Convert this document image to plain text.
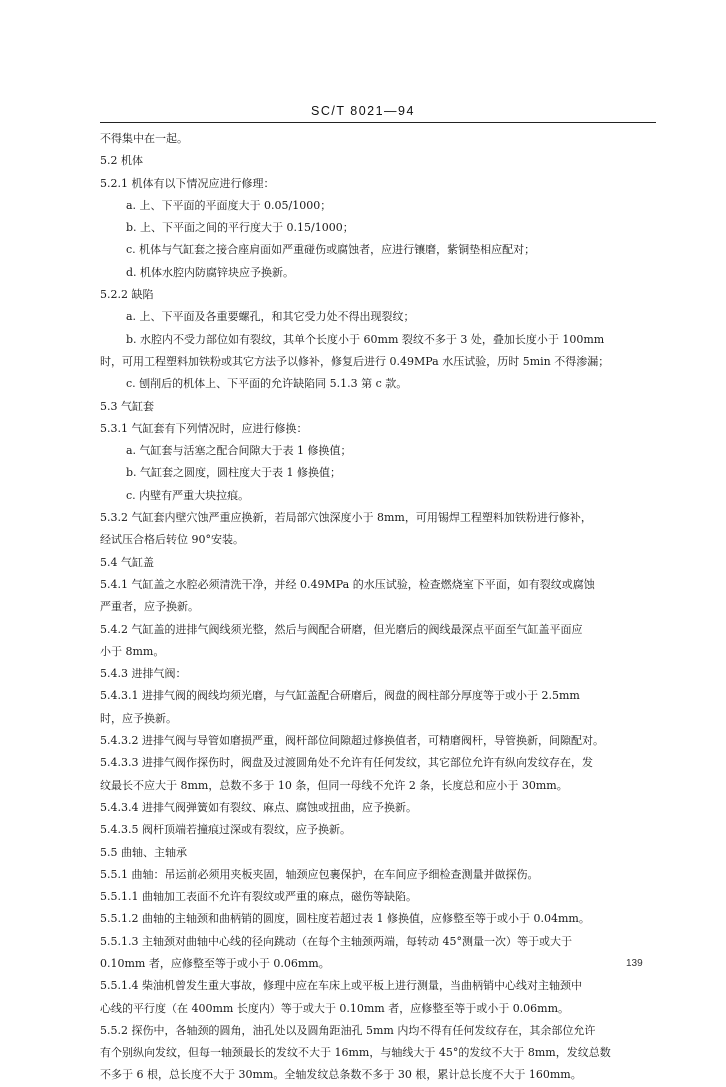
SC/T 8021—94
不得集中在一起。
5.2 机体
5.2.1 机体有以下情况应进行修理：
a. 上、下平面的平面度大于 0.05/1000；
b. 上、下平面之间的平行度大于 0.15/1000；
c. 机体与气缸套之接合座肩面如严重碰伤或腐蚀者，应进行镶磨，紫铜垫相应配对；
d. 机体水腔内防腐锌块应予换新。
5.2.2 缺陷
a. 上、下平面及各重要螺孔，和其它受力处不得出现裂纹；
b. 水腔内不受力部位如有裂纹，其单个长度小于 60mm 裂纹不多于 3 处，叠加长度小于 100mm
时，可用工程塑料加铁粉或其它方法予以修补，修复后进行 0.49MPa 水压试验，历时 5min 不得渗漏；
c. 刨削后的机体上、下平面的允许缺陷同 5.1.3 第 c 款。
5.3 气缸套
5.3.1 气缸套有下列情况时，应进行修换：
a. 气缸套与活塞之配合间隙大于表 1 修换值；
b. 气缸套之圆度，圆柱度大于表 1 修换值；
c. 内壁有严重大块拉痕。
5.3.2 气缸套内壁穴蚀严重应换新，若局部穴蚀深度小于 8mm，可用锡焊工程塑料加铁粉进行修补，
经试压合格后转位 90°安装。
5.4 气缸盖
5.4.1 气缸盖之水腔必须清洗干净，并经 0.49MPa 的水压试验，检查燃烧室下平面，如有裂纹或腐蚀
严重者，应予换新。
5.4.2 气缸盖的进排气阀线须光整，然后与阀配合研磨，但光磨后的阀线最深点平面至气缸盖平面应
小于 8mm。
5.4.3 进排气阀：
5.4.3.1 进排气阀的阀线均须光磨，与气缸盖配合研磨后，阀盘的阀柱部分厚度等于或小于 2.5mm
时，应予换新。
5.4.3.2 进排气阀与导管如磨损严重，阀杆部位间隙超过修换值者，可精磨阀杆，导管换新，间隙配对。
5.4.3.3 进排气阀作探伤时，阀盘及过渡圆角处不允许有任何发纹，其它部位允许有纵向发纹存在，发
纹最长不应大于 8mm，总数不多于 10 条，但同一母线不允许 2 条，长度总和应小于 30mm。
5.4.3.4 进排气阀弹簧如有裂纹、麻点、腐蚀或扭曲，应予换新。
5.4.3.5 阀杆顶端若撞痕过深或有裂纹，应予换新。
5.5 曲轴、主轴承
5.5.1 曲轴：吊运前必须用夹板夹固，轴颈应包裹保护，在车间应予细检查测量并做探伤。
5.5.1.1 曲轴加工表面不允许有裂纹或严重的麻点，磁伤等缺陷。
5.5.1.2 曲轴的主轴颈和曲柄销的圆度，圆柱度若超过表 1 修换值，应修整至等于或小于 0.04mm。
5.5.1.3 主轴颈对曲轴中心线的径向跳动（在每个主轴颈两端，每转动 45°测量一次）等于或大于
0.10mm 者，应修整至等于或小于 0.06mm。
5.5.1.4 柴油机曾发生重大事故，修理中应在车床上或平板上进行测量，当曲柄销中心线对主轴颈中
心线的平行度（在 400mm 长度内）等于或大于 0.10mm 者，应修整至等于或小于 0.06mm。
5.5.2 探伤中，各轴颈的圆角，油孔处以及圆角距油孔 5mm 内均不得有任何发纹存在，其余部位允许
有个别纵向发纹，但每一轴颈最长的发纹不大于 16mm，与轴线大于 45°的发纹不大于 8mm，发纹总数
不多于 6 根，总长度不大于 30mm。全轴发纹总条数不多于 30 根，累计总长度不大于 160mm。
139
